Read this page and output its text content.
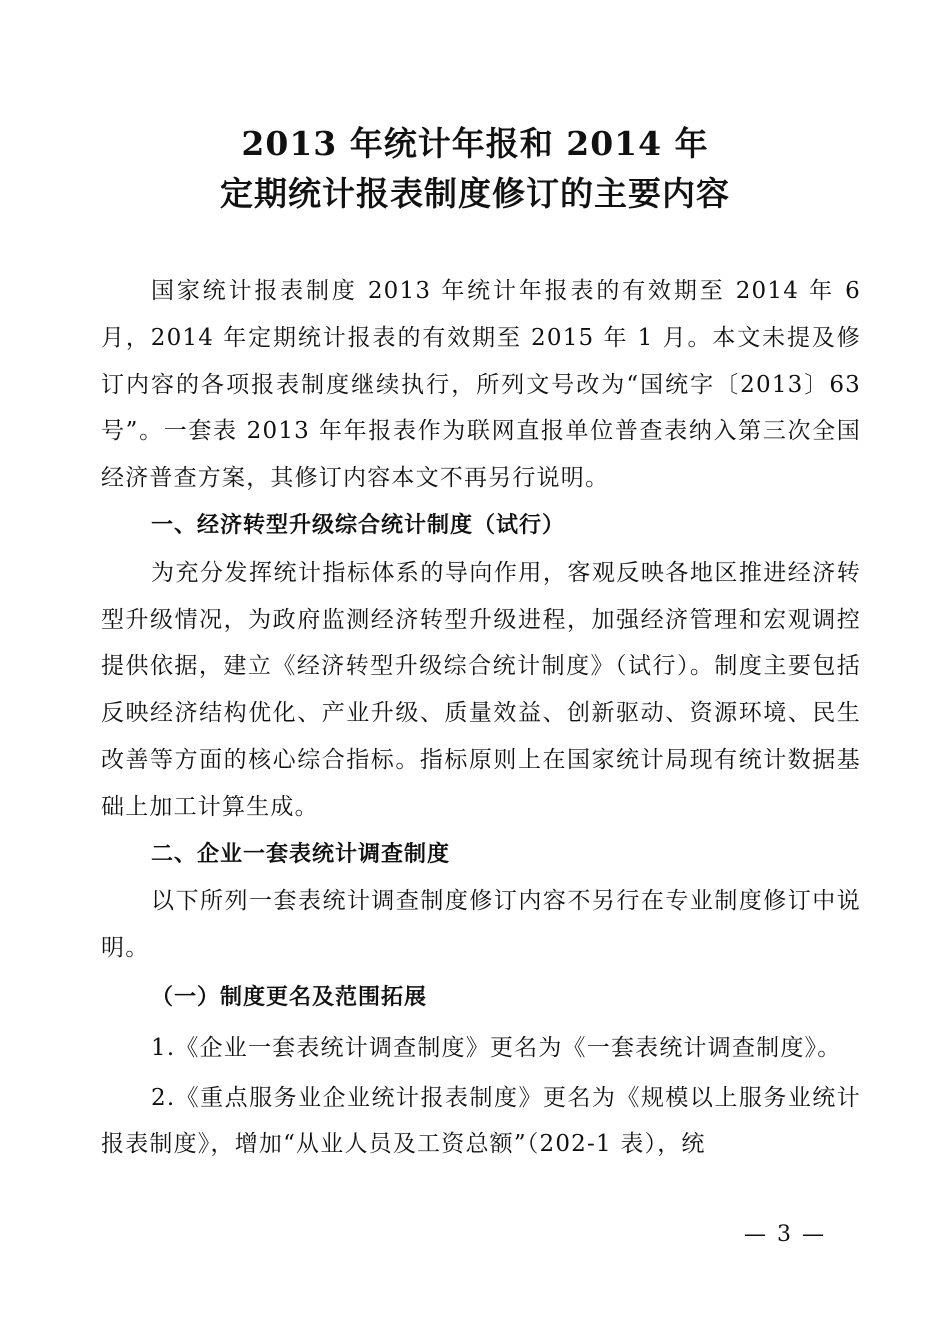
2013 年统计年报和 2014 年
定期统计报表制度修订的主要内容

国家统计报表制度 2013 年统计年报表的有效期至 2014 年 6 月，2014 年定期统计报表的有效期至 2015 年 1 月。本文未提及修订内容的各项报表制度继续执行，所列文号改为“国统字〔2013〕63 号”。一套表 2013 年年报表作为联网直报单位普查表纳入第三次全国经济普查方案，其修订内容本文不再另行说明。

一、经济转型升级综合统计制度（试行）

为充分发挥统计指标体系的导向作用，客观反映各地区推进经济转型升级情况，为政府监测经济转型升级进程，加强经济管理和宏观调控提供依据，建立《经济转型升级综合统计制度》（试行）。制度主要包括反映经济结构优化、产业升级、质量效益、创新驱动、资源环境、民生改善等方面的核心综合指标。指标原则上在国家统计局现有统计数据基础上加工计算生成。

二、企业一套表统计调查制度

以下所列一套表统计调查制度修订内容不另行在专业制度修订中说明。

（一）制度更名及范围拓展

1.《企业一套表统计调查制度》更名为《一套表统计调查制度》。

2.《重点服务业企业统计报表制度》更名为《规模以上服务业统计报表制度》，增加“从业人员及工资总额”（202-1 表），统

— 3 —
